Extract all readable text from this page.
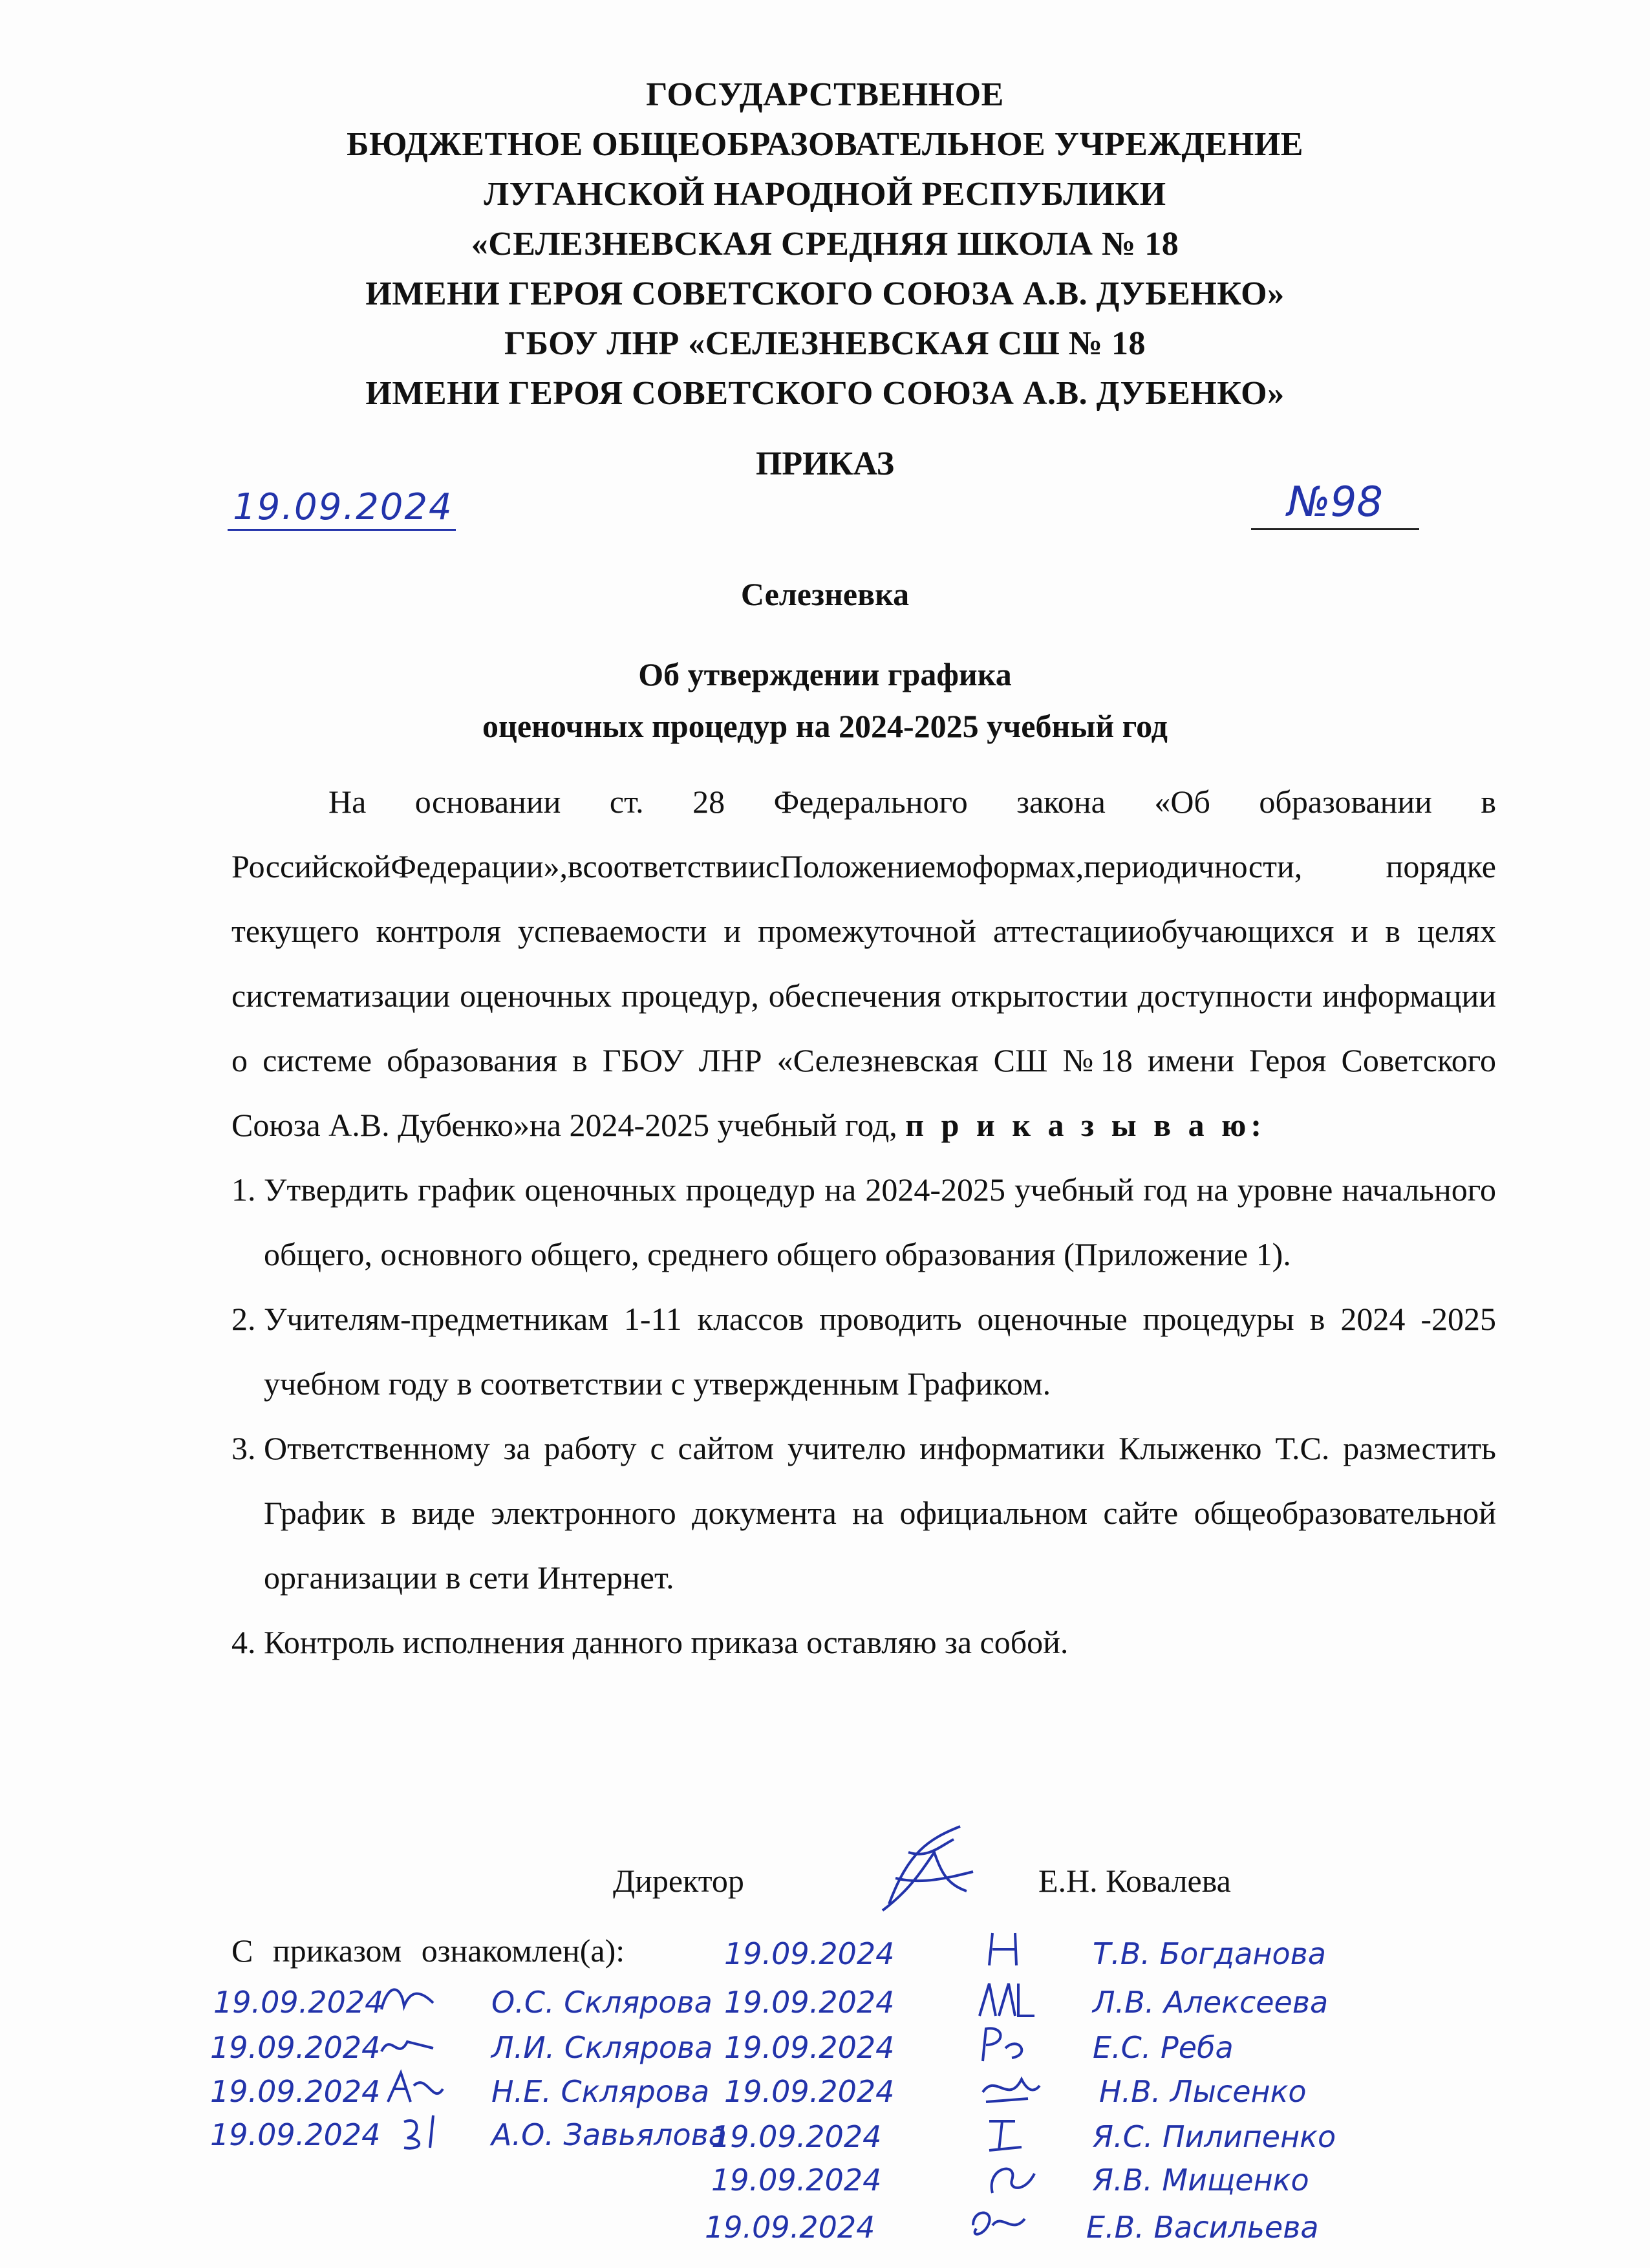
ГОСУДАРСТВЕННОЕ
БЮДЖЕТНОЕ ОБЩЕОБРАЗОВАТЕЛЬНОЕ УЧРЕЖДЕНИЕ
ЛУГАНСКОЙ НАРОДНОЙ РЕСПУБЛИКИ
«СЕЛЕЗНЕВСКАЯ СРЕДНЯЯ ШКОЛА № 18
ИМЕНИ ГЕРОЯ СОВЕТСКОГО СОЮЗА А.В. ДУБЕНКО»
ГБОУ ЛНР «СЕЛЕЗНЕВСКАЯ СШ № 18
ИМЕНИ ГЕРОЯ СОВЕТСКОГО СОЮЗА А.В. ДУБЕНКО»
ПРИКАЗ
19.09.2024	№98
Селезневка
Об утверждении графика
оценочных процедур на 2024-2025 учебный год

На основании ст. 28 Федерального закона «Об образовании в РоссийскойФедерации»,всоответствиисПоложениемоформах,периодичности, порядке текущего контроля успеваемости и промежуточной аттестацииобучающихся и в целях систематизации оценочных процедур, обеспечения открытостии доступности информации о системе образования в ГБОУ ЛНР «Селезневская СШ №18 имени Героя Советского Союза А.В. Дубенко»на 2024-2025 учебный год, п р и к а з ы в а ю:

1. Утвердить график оценочных процедур на 2024-2025 учебный год на уровне начального общего, основного общего, среднего общего образования (Приложение 1).
2. Учителям-предметникам 1-11 классов проводить оценочные процедуры в 2024 -2025 учебном году в соответствии с утвержденным Графиком.
3. Ответственному за работу с сайтом учителю информатики Клыженко Т.С. разместить График в виде электронного документа на официальном сайте общеобразовательной организации в сети Интернет.
4. Контроль исполнения данного приказа оставляю за собой.
Директор	Е.Н. Ковалева
С приказом ознакомлен(а):
19.09.2024	О.С. Склярова
19.09.2024	Л.И. Склярова
19.09.2024	Н.Е. Склярова
19.09.2024	А.О. Завьялова
19.09.2024	Т.В. Богданова
19.09.2024	Л.В. Алексеева
19.09.2024	Е.С. Реба
19.09.2024	Н.В. Лысенко
19.09.2024	Я.С. Пилипенко
19.09.2024	Я.В. Мищенко
19.09.2024	Е.В. Васильева
